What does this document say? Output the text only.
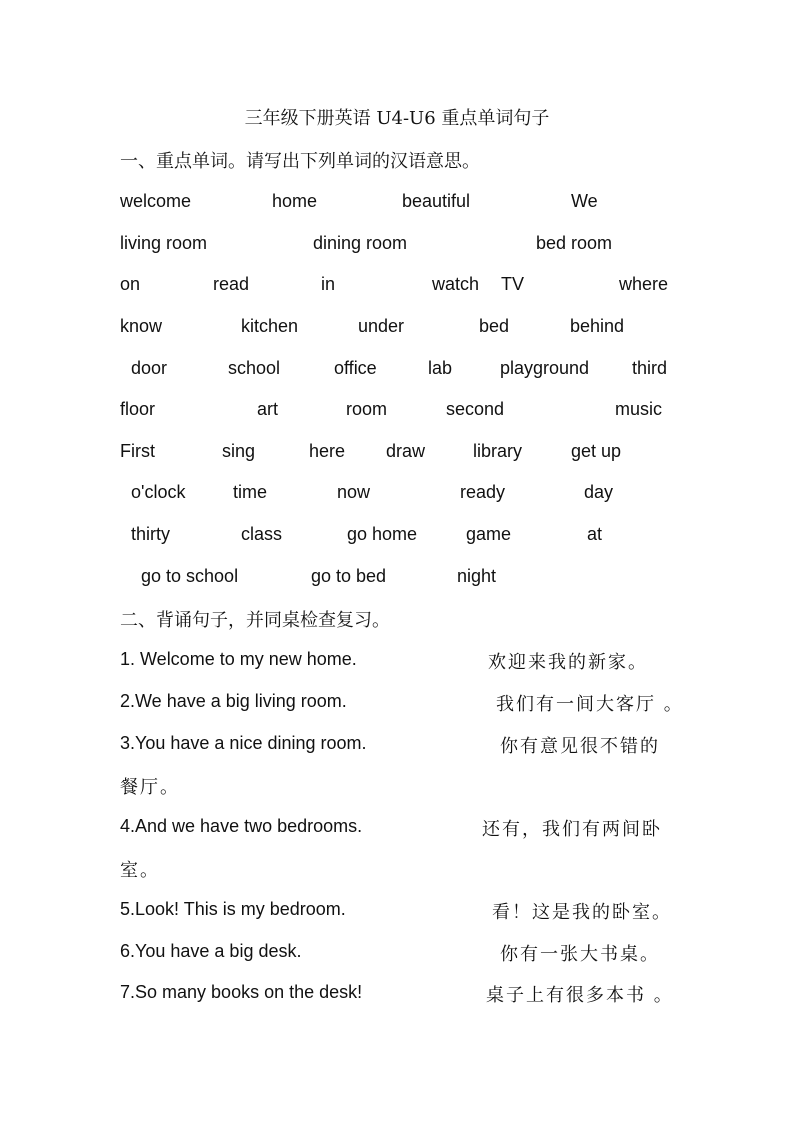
三年级下册英语 U4-U6 重点单词句子
一、重点单词。请写出下列单词的汉语意思。
welcome	home	beautiful	We
living room	dining room	bed room
on	read	in	watch TV	where
know	kitchen	under	bed	behind
door	school	office	lab	playground third
floor	art	room	second	music
First	sing	here draw	library	get up
o'clock	time	now	ready	day
thirty	class	go home	game	at
go to school	go to bed	night
二、背诵句子，并同桌检查复习。
1. Welcome to my new home.	欢迎来我的新家。
2.We have a big living room.	我们有一间大客厅 。
3.You have a nice dining room.	你有意见很不错的
餐厅。
4.And we have two bedrooms.	还有，我们有两间卧
室。
5.Look! This is my bedroom.	看！这是我的卧室。
6.You have a big desk.	你有一张大书桌。
7.So many books on the desk!	桌子上有很多本书 。
